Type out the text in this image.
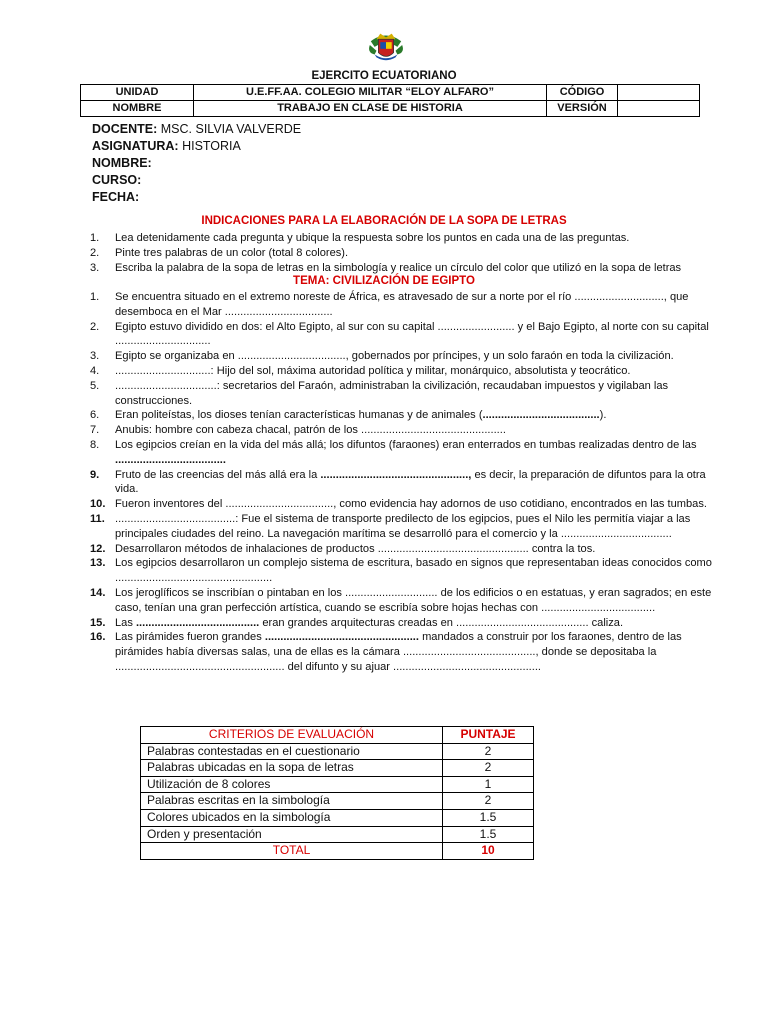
EJERCITO ECUATORIANO
UNIDAD	U.E.FF.AA. COLEGIO MILITAR “ELOY ALFARO”	CÓDIGO	
NOMBRE	TRABAJO EN CLASE DE HISTORIA	VERSIÓN	
DOCENTE: MSC. SILVIA VALVERDE
ASIGNATURA: HISTORIA
NOMBRE:
CURSO:
FECHA:
INDICACIONES PARA LA ELABORACIÓN DE LA SOPA DE LETRAS
1.	Lea detenidamente cada pregunta y ubique la respuesta sobre los puntos en cada una de las preguntas.
2.	Pinte tres palabras de un color (total 8 colores).
3.	Escriba la palabra de la sopa de letras en la simbología y realice un círculo del color que utilizó en la sopa de letras
TEMA: CIVILIZACIÓN DE EGIPTO
1.	Se encuentra situado en el extremo noreste de África, es atravesado de sur a norte por el río ............................., que desemboca en el Mar ...................................
2.	Egipto estuvo dividido en dos: el Alto Egipto, al sur con su capital ......................... y el Bajo Egipto, al norte con su capital ...............................
3.	Egipto se organizaba en ..................................., gobernados por príncipes, y un solo faraón en toda la civilización.
4.	...............................: Hijo del sol, máxima autoridad política y militar, monárquico, absolutista y teocrático.
5.	.................................: secretarios del Faraón, administraban la civilización, recaudaban impuestos y vigilaban las construcciones.
6.	Eran politeístas, los dioses tenían características humanas y de animales (......................................).
7.	Anubis: hombre con cabeza chacal, patrón de los ...............................................
8.	Los egipcios creían en la vida del más allá; los difuntos (faraones) eran enterrados en tumbas realizadas dentro de las ....................................
9.	Fruto de las creencias del más allá era la ................................................, es decir, la preparación de difuntos para la otra vida.
10. Fueron inventores del ..................................., como evidencia hay adornos de uso cotidiano, encontrados en las tumbas.
11. .......................................: Fue el sistema de transporte predilecto de los egipcios, pues el Nilo les permitía viajar a las principales ciudades del reino. La navegación marítima se desarrolló para el comercio y la ....................................
12. Desarrollaron métodos de inhalaciones de productos ................................................. contra la tos.
13. Los egipcios desarrollaron un complejo sistema de escritura, basado en signos que representaban ideas conocidos como ...................................................
14. Los jeroglíficos se inscribían o pintaban en los .............................. de los edificios o en estatuas, y eran sagrados; en este caso, tenían una gran perfección artística, cuando se escribía sobre hojas hechas con .....................................
15. Las ........................................ eran grandes arquitecturas creadas en ........................................... caliza.
16. Las pirámides fueron grandes .................................................. mandados a construir por los faraones, dentro de las pirámides había diversas salas, una de ellas es la cámara ..........................................., donde se depositaba la ....................................................... del difunto y su ajuar ................................................
CRITERIOS DE EVALUACIÓN	PUNTAJE
Palabras contestadas en el cuestionario	2
Palabras ubicadas en la sopa de letras	2
Utilización de 8 colores	1
Palabras escritas en la simbología	2
Colores ubicados en la simbología	1.5
Orden y presentación	1.5
TOTAL	10
